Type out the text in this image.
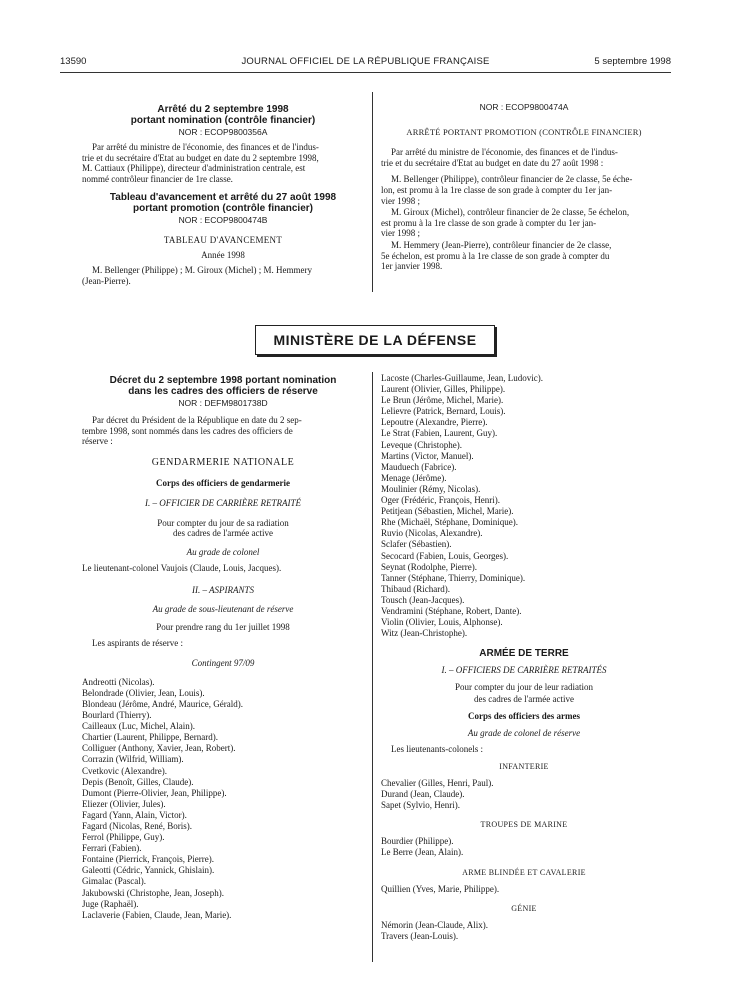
13590	JOURNAL OFFICIEL DE LA RÉPUBLIQUE FRANÇAISE	5 septembre 1998
Arrêté du 2 septembre 1998
portant nomination (contrôle financier)
NOR : ECOP9800356A
Par arrêté du ministre de l'économie, des finances et de l'indus-
trie et du secrétaire d'Etat au budget en date du 2 septembre 1998,
M. Cattiaux (Philippe), directeur d'administration centrale, est
nommé contrôleur financier de 1re classe.
Tableau d'avancement et arrêté du 27 août 1998
portant promotion (contrôle financier)
NOR : ECOP9800474B
TABLEAU D'AVANCEMENT
Année 1998
M. Bellenger (Philippe) ; M. Giroux (Michel) ; M. Hemmery
(Jean-Pierre).
NOR : ECOP9800474A
ARRÊTÉ PORTANT PROMOTION (CONTRÔLE FINANCIER)
Par arrêté du ministre de l'économie, des finances et de l'indus-
trie et du secrétaire d'Etat au budget en date du 27 août 1998 :
M. Bellenger (Philippe), contrôleur financier de 2e classe, 5e éche-
lon, est promu à la 1re classe de son grade à compter du 1er jan-
vier 1998 ;
M. Giroux (Michel), contrôleur financier de 2e classe, 5e échelon,
est promu à la 1re classe de son grade à compter du 1er jan-
vier 1998 ;
M. Hemmery (Jean-Pierre), contrôleur financier de 2e classe,
5e échelon, est promu à la 1re classe de son grade à compter du
1er janvier 1998.
MINISTÈRE DE LA DÉFENSE
Décret du 2 septembre 1998 portant nomination
dans les cadres des officiers de réserve
NOR : DEFM9801738D
Par décret du Président de la République en date du 2 sep-
tembre 1998, sont nommés dans les cadres des officiers de
réserve :
GENDARMERIE NATIONALE
Corps des officiers de gendarmerie
I. – OFFICIER DE CARRIÈRE RETRAITÉ
Pour compter du jour de sa radiation
des cadres de l'armée active
Au grade de colonel
Le lieutenant-colonel Vaujois (Claude, Louis, Jacques).
II. – ASPIRANTS
Au grade de sous-lieutenant de réserve
Pour prendre rang du 1er juillet 1998
Les aspirants de réserve :
Contingent 97/09
Andreotti (Nicolas).
Belondrade (Olivier, Jean, Louis).
Blondeau (Jérôme, André, Maurice, Gérald).
Bourlard (Thierry).
Cailleaux (Luc, Michel, Alain).
Chartier (Laurent, Philippe, Bernard).
Colliguer (Anthony, Xavier, Jean, Robert).
Corrazin (Wilfrid, William).
Cvetkovic (Alexandre).
Depis (Benoît, Gilles, Claude).
Dumont (Pierre-Olivier, Jean, Philippe).
Eliezer (Olivier, Jules).
Fagard (Yann, Alain, Victor).
Fagard (Nicolas, René, Boris).
Ferrol (Philippe, Guy).
Ferrari (Fabien).
Fontaine (Pierrick, François, Pierre).
Galeotti (Cédric, Yannick, Ghislain).
Gimalac (Pascal).
Jakubowski (Christophe, Jean, Joseph).
Juge (Raphaël).
Laclaverie (Fabien, Claude, Jean, Marie).
Lacoste (Charles-Guillaume, Jean, Ludovic).
Laurent (Olivier, Gilles, Philippe).
Le Brun (Jérôme, Michel, Marie).
Lelievre (Patrick, Bernard, Louis).
Lepoutre (Alexandre, Pierre).
Le Strat (Fabien, Laurent, Guy).
Leveque (Christophe).
Martins (Victor, Manuel).
Mauduech (Fabrice).
Menage (Jérôme).
Moulinier (Rémy, Nicolas).
Oger (Frédéric, François, Henri).
Petitjean (Sébastien, Michel, Marie).
Rhe (Michaël, Stéphane, Dominique).
Ruvio (Nicolas, Alexandre).
Sclafer (Sébastien).
Secocard (Fabien, Louis, Georges).
Seynat (Rodolphe, Pierre).
Tanner (Stéphane, Thierry, Dominique).
Thibaud (Richard).
Tousch (Jean-Jacques).
Vendramini (Stéphane, Robert, Dante).
Violin (Olivier, Louis, Alphonse).
Witz (Jean-Christophe).
ARMÉE DE TERRE
I. – OFFICIERS DE CARRIÈRE RETRAITÉS
Pour compter du jour de leur radiation
des cadres de l'armée active
Corps des officiers des armes
Au grade de colonel de réserve
Les lieutenants-colonels :
INFANTERIE
Chevalier (Gilles, Henri, Paul).
Durand (Jean, Claude).
Sapet (Sylvio, Henri).
TROUPES DE MARINE
Bourdier (Philippe).
Le Berre (Jean, Alain).
ARME BLINDÉE ET CAVALERIE
Quillien (Yves, Marie, Philippe).
GÉNIE
Némorin (Jean-Claude, Alix).
Travers (Jean-Louis).
